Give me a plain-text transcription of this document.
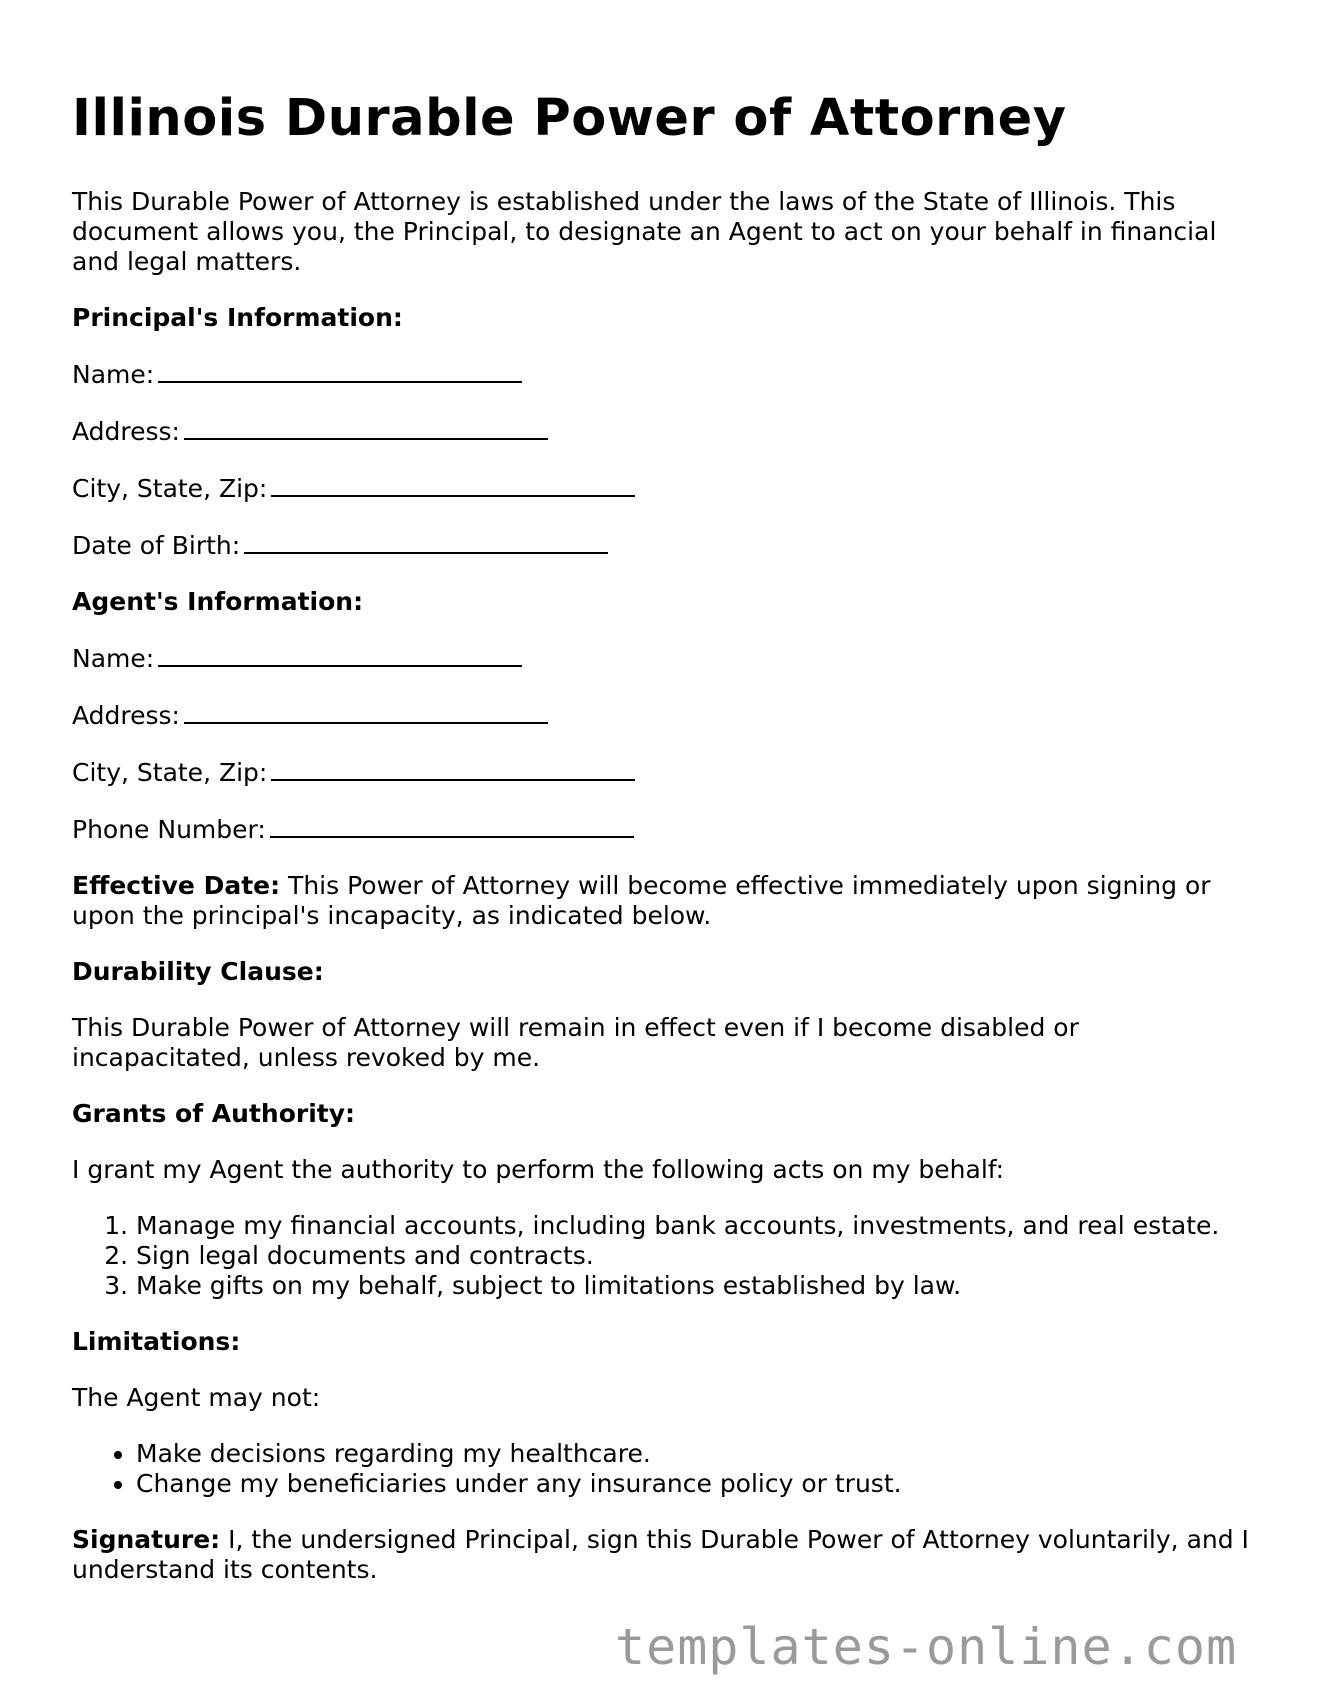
Illinois Durable Power of Attorney

This Durable Power of Attorney is established under the laws of the State of Illinois. This document allows you, the Principal, to designate an Agent to act on your behalf in financial and legal matters.

Principal's Information:

Name:

Address:

City, State, Zip:

Date of Birth:

Agent's Information:

Name:

Address:

City, State, Zip:

Phone Number:

Effective Date: This Power of Attorney will become effective immediately upon signing or upon the principal's incapacity, as indicated below.

Durability Clause:

This Durable Power of Attorney will remain in effect even if I become disabled or incapacitated, unless revoked by me.

Grants of Authority:

I grant my Agent the authority to perform the following acts on my behalf:

1. Manage my financial accounts, including bank accounts, investments, and real estate.
2. Sign legal documents and contracts.
3. Make gifts on my behalf, subject to limitations established by law.

Limitations:

The Agent may not:

• Make decisions regarding my healthcare.
• Change my beneficiaries under any insurance policy or trust.

Signature: I, the undersigned Principal, sign this Durable Power of Attorney voluntarily, and I understand its contents.

templates-online.com
